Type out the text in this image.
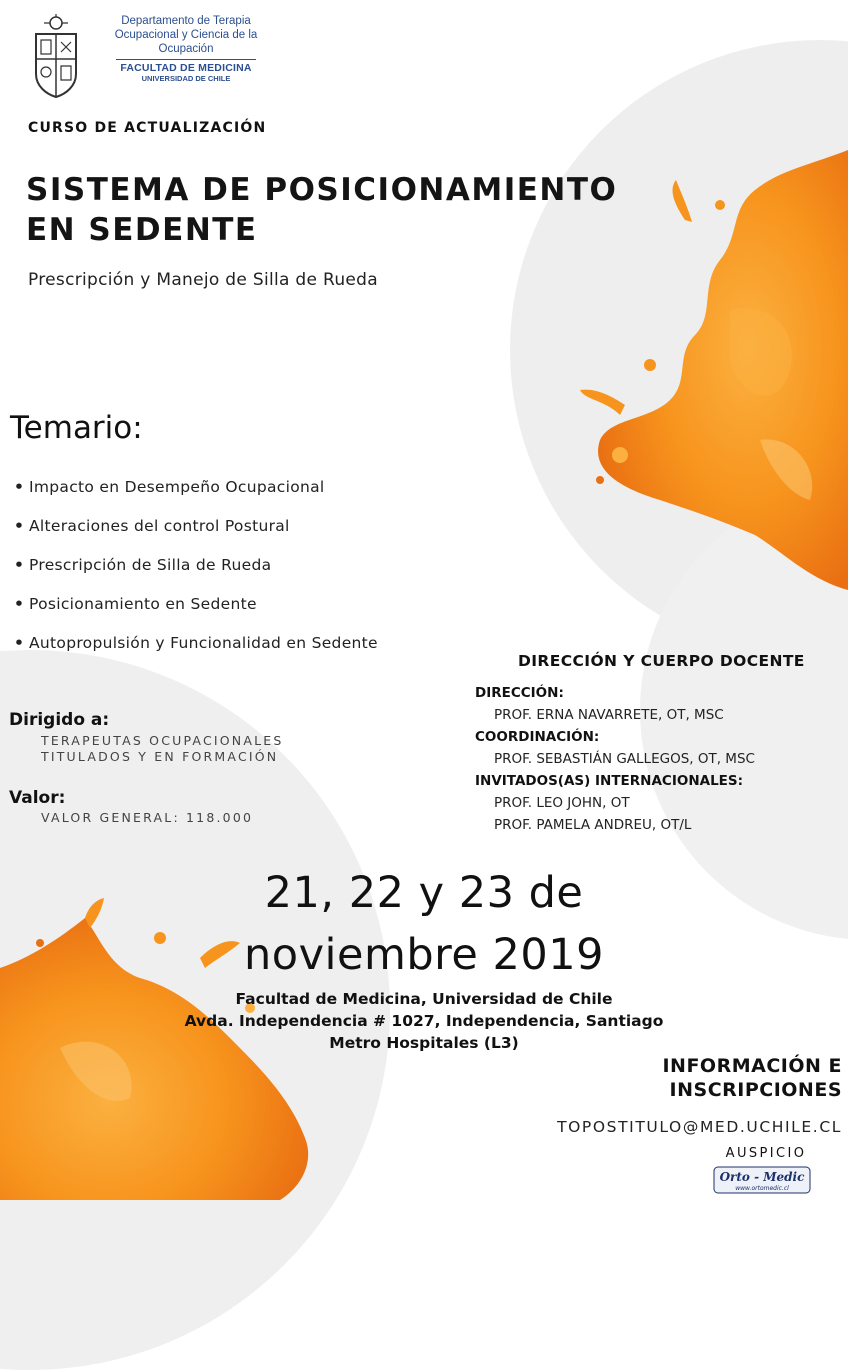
Departamento de Terapia
Ocupacional y Ciencia de la Ocupación
FACULTAD DE MEDICINA
UNIVERSIDAD DE CHILE
CURSO DE ACTUALIZACIÓN
SISTEMA DE POSICIONAMIENTO
EN SEDENTE
Prescripción y Manejo de Silla de Rueda
Temario:
• Impacto en Desempeño Ocupacional
• Alteraciones del control Postural
• Prescripción de Silla de Rueda
• Posicionamiento en Sedente
• Autopropulsión y Funcionalidad en Sedente
Dirigido a:
TERAPEUTAS OCUPACIONALES
TITULADOS Y EN FORMACIÓN
Valor:
VALOR GENERAL: 118.000
DIRECCIÓN Y CUERPO DOCENTE
DIRECCIÓN:
PROF. ERNA NAVARRETE, OT, MSC
COORDINACIÓN:
PROF. SEBASTIÁN GALLEGOS, OT, MSC
INVITADOS(AS) INTERNACIONALES:
PROF. LEO JOHN, OT
PROF. PAMELA ANDREU, OT/L
21, 22 y 23 de
noviembre 2019
Facultad de Medicina, Universidad de Chile
Avda. Independencia # 1027, Independencia, Santiago
Metro Hospitales (L3)
INFORMACIÓN E
INSCRIPCIONES
TOPOSTITULO@MED.UCHILE.CL
AUSPICIO
Orto - Medic
www.ortomedic.cl
